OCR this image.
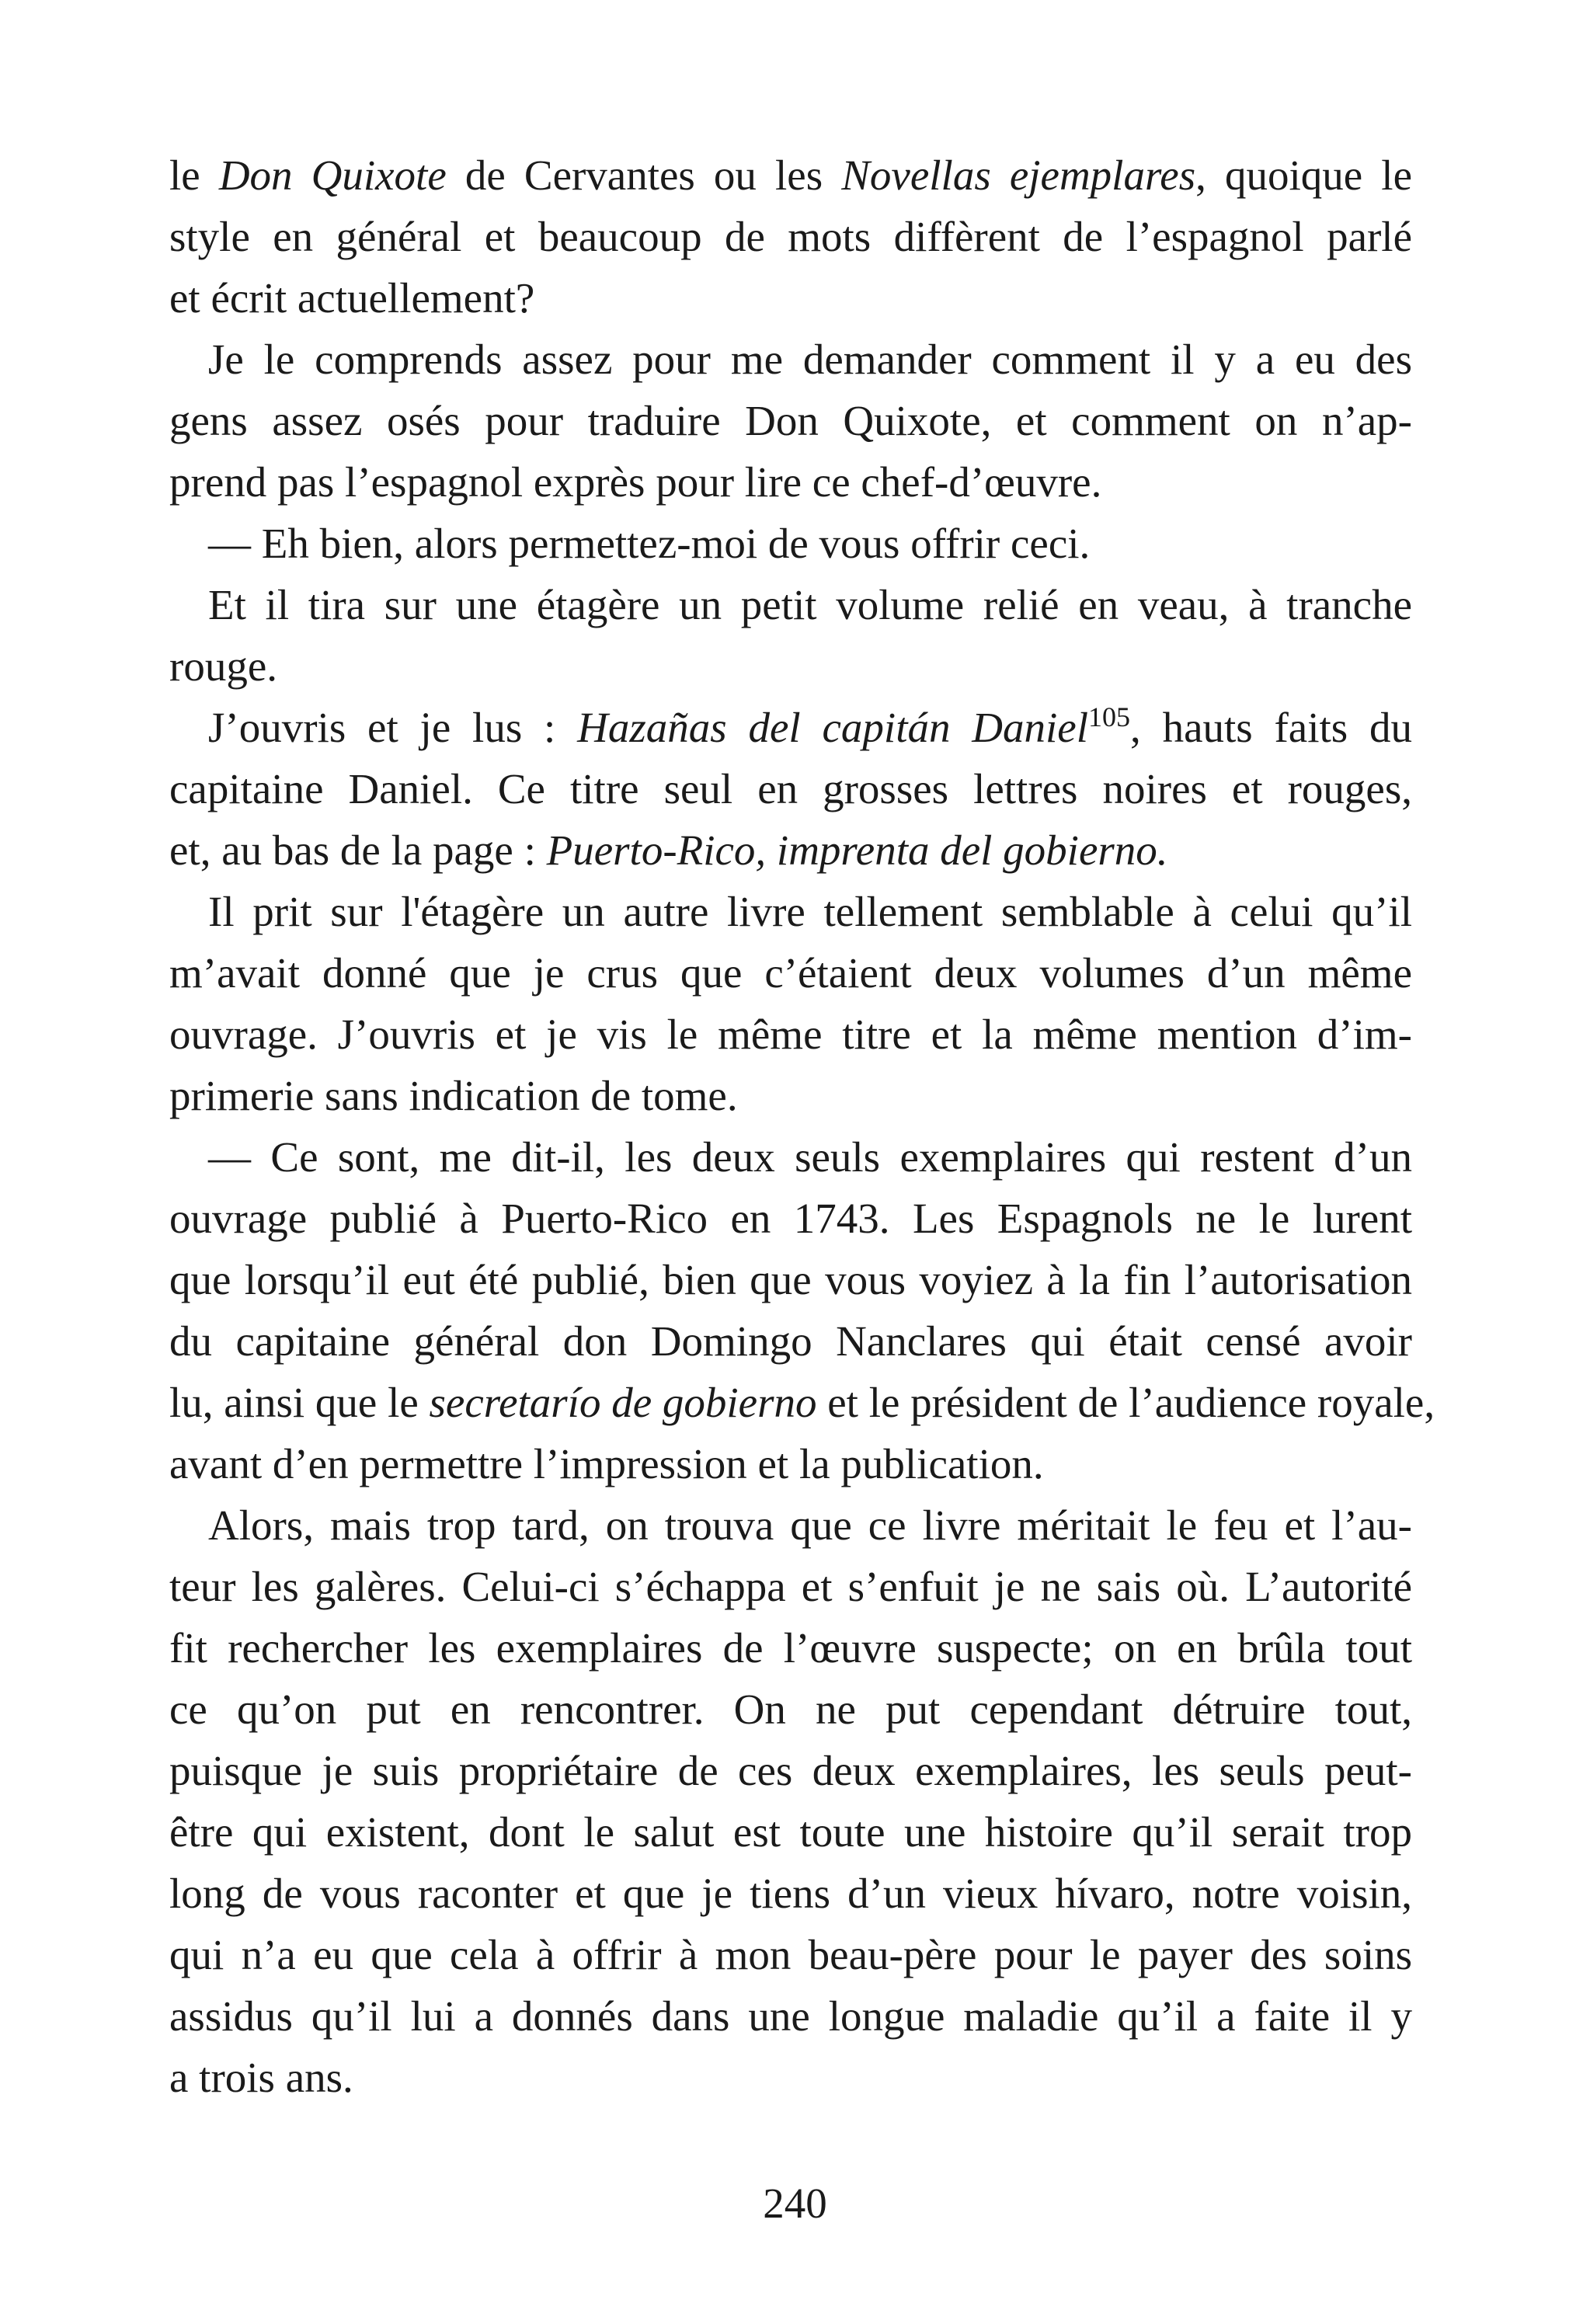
le Don Quixote de Cervantes ou les Novellas ejemplares, quoique le
style en général et beaucoup de mots diffèrent de l’espagnol parlé
et écrit actuellement?
Je le comprends assez pour me demander comment il y a eu des
gens assez osés pour traduire Don Quixote, et comment on n’ap-
prend pas l’espagnol exprès pour lire ce chef-d’œuvre.
— Eh bien, alors permettez-moi de vous offrir ceci.
Et il tira sur une étagère un petit volume relié en veau, à tranche
rouge.
J’ouvris et je lus : Hazañas del capitán Daniel$^{105}$, hauts faits du
capitaine Daniel. Ce titre seul en grosses lettres noires et rouges,
et, au bas de la page : Puerto-Rico, imprenta del gobierno.
Il prit sur l'étagère un autre livre tellement semblable à celui qu’il
m’avait donné que je crus que c’étaient deux volumes d’un même
ouvrage. J’ouvris et je vis le même titre et la même mention d’im-
primerie sans indication de tome.
— Ce sont, me dit-il, les deux seuls exemplaires qui restent d’un
ouvrage publié à Puerto-Rico en 1743. Les Espagnols ne le lurent
que lorsqu’il eut été publié, bien que vous voyiez à la fin l’autorisation
du capitaine général don Domingo Nanclares qui était censé avoir
lu, ainsi que le secretarío de gobierno et le président de l’audience royale,
avant d’en permettre l’impression et la publication.
Alors, mais trop tard, on trouva que ce livre méritait le feu et l’au-
teur les galères. Celui-ci s’échappa et s’enfuit je ne sais où. L’autorité
fit rechercher les exemplaires de l’œuvre suspecte; on en brûla tout
ce qu’on put en rencontrer. On ne put cependant détruire tout,
puisque je suis propriétaire de ces deux exemplaires, les seuls peut-
être qui existent, dont le salut est toute une histoire qu’il serait trop
long de vous raconter et que je tiens d’un vieux hívaro, notre voisin,
qui n’a eu que cela à offrir à mon beau-père pour le payer des soins
assidus qu’il lui a donnés dans une longue maladie qu’il a faite il y
a trois ans.
240
